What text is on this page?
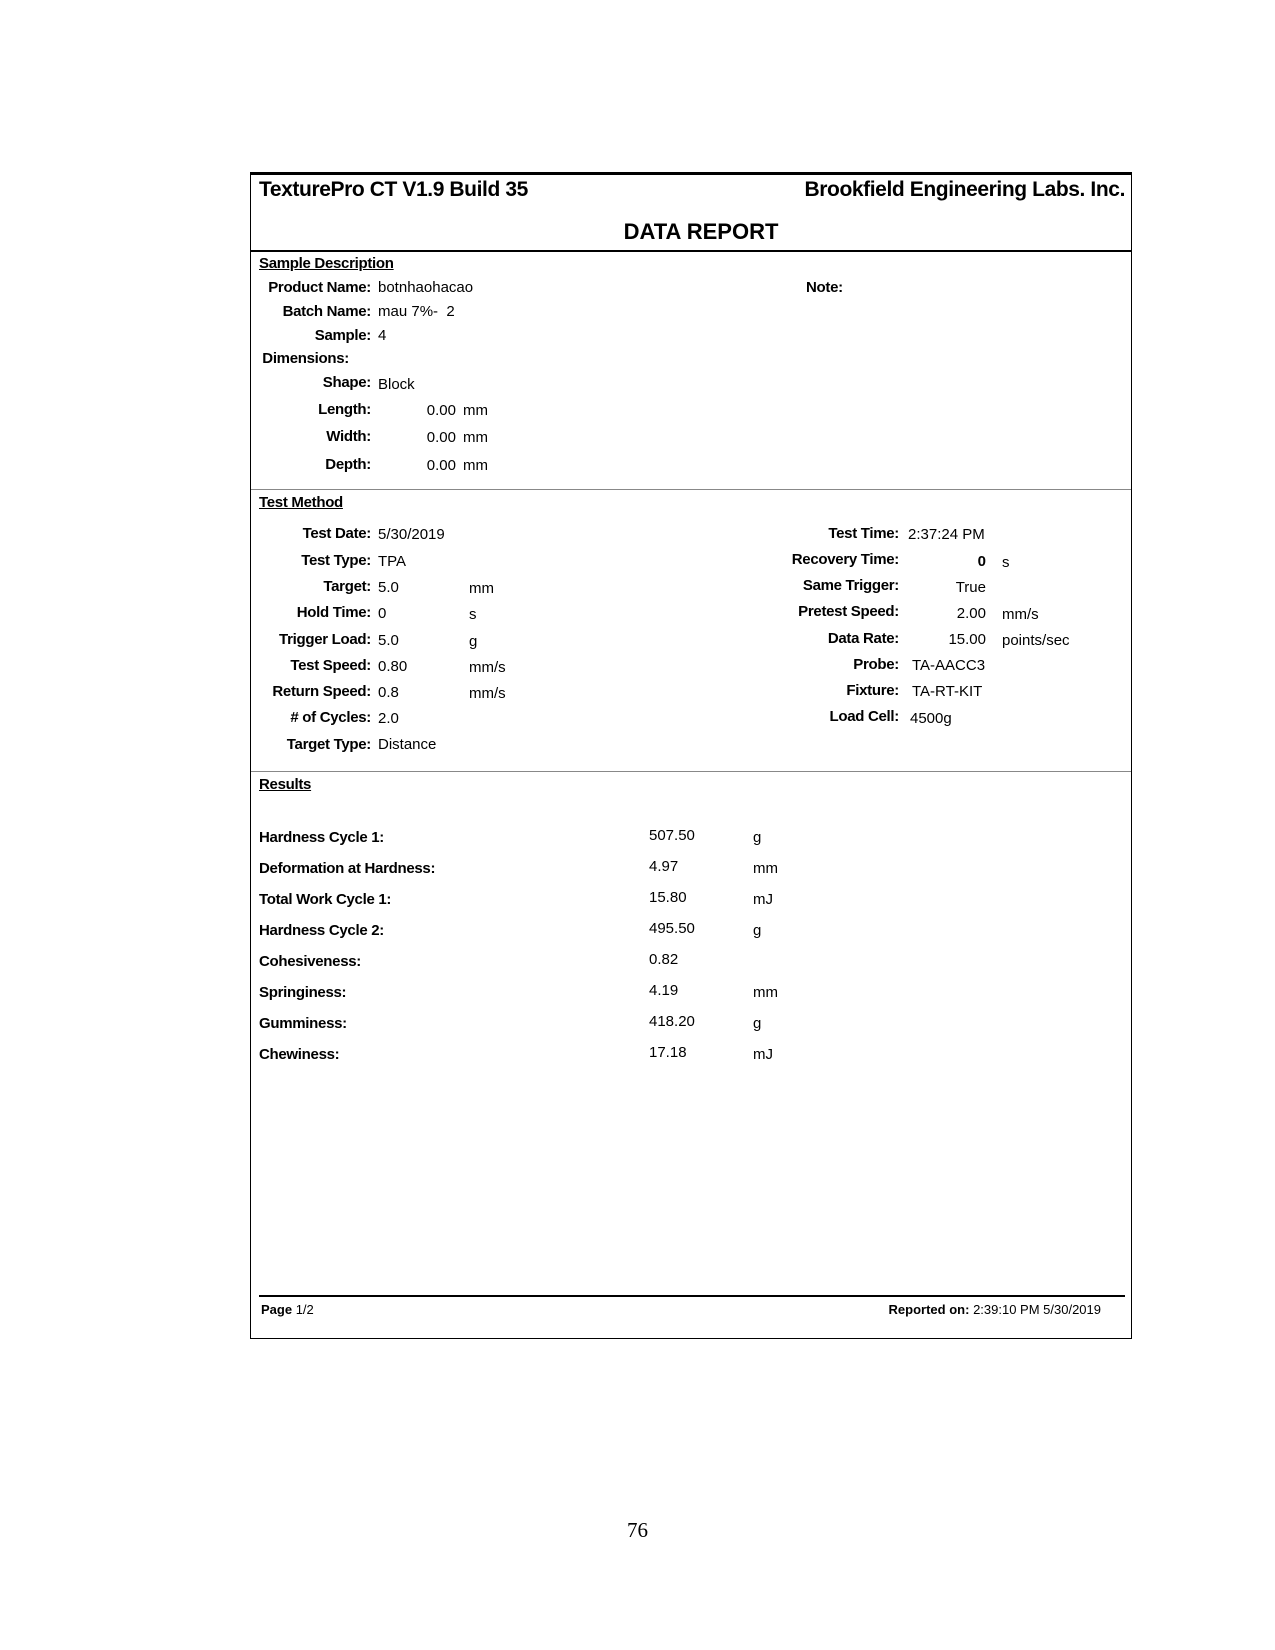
TexturePro CT V1.9 Build 35	Brookfield Engineering Labs. Inc.
DATA REPORT
Sample Description
Product Name: botnhaohacao
Batch Name: mau 7%-  2
Sample: 4
Dimensions:
Shape: Block
Length:	0.00 mm
Width:	0.00 mm
Depth:	0.00 mm
Note:
Test Method
Test Date: 5/30/2019
Test Type: TPA
Target: 5.0	mm
Hold Time: 0	s
Trigger Load: 5.0	g
Test Speed: 0.80	mm/s
Return Speed: 0.8	mm/s
# of Cycles: 2.0
Target Type: Distance
Test Time: 2:37:24 PM
Recovery Time:	0 s
Same Trigger:	True
Pretest Speed:	2.00 mm/s
Data Rate:	15.00 points/sec
Probe: TA-AACC3
Fixture: TA-RT-KIT
Load Cell: 4500g
Results
Hardness Cycle 1:	507.50	g
Deformation at Hardness:	4.97	mm
Total Work Cycle 1:	15.80	mJ
Hardness Cycle 2:	495.50	g
Cohesiveness:	0.82
Springiness:	4.19	mm
Gumminess:	418.20	g
Chewiness:	17.18	mJ
Page 1/2	Reported on: 2:39:10 PM 5/30/2019
76
